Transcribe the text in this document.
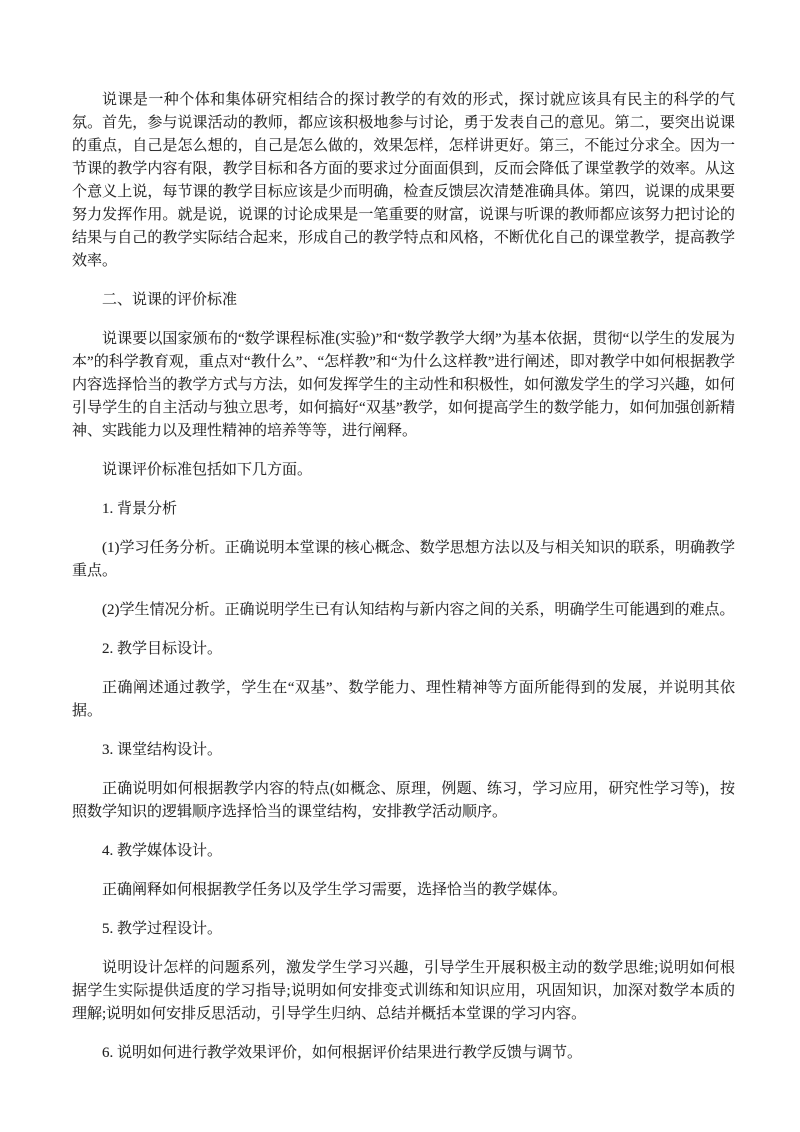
说课是一种个体和集体研究相结合的探讨教学的有效的形式，探讨就应该具有民主的科学的气氛。首先，参与说课活动的教师，都应该积极地参与讨论，勇于发表自己的意见。第二，要突出说课的重点，自己是怎么想的，自己是怎么做的，效果怎样，怎样讲更好。第三，不能过分求全。因为一节课的教学内容有限，教学目标和各方面的要求过分面面俱到，反而会降低了课堂教学的效率。从这个意义上说，每节课的教学目标应该是少而明确，检查反馈层次清楚准确具体。第四，说课的成果要努力发挥作用。就是说，说课的讨论成果是一笔重要的财富，说课与听课的教师都应该努力把讨论的结果与自己的教学实际结合起来，形成自己的教学特点和风格，不断优化自己的课堂教学，提高教学效率。

二、说课的评价标准

说课要以国家颁布的“数学课程标准(实验)”和“数学教学大纲”为基本依据，贯彻“以学生的发展为本”的科学教育观，重点对“教什么”、“怎样教”和“为什么这样教”进行阐述，即对教学中如何根据教学内容选择恰当的教学方式与方法，如何发挥学生的主动性和积极性，如何激发学生的学习兴趣，如何引导学生的自主活动与独立思考，如何搞好“双基”教学，如何提高学生的数学能力，如何加强创新精神、实践能力以及理性精神的培养等等，进行阐释。

说课评价标准包括如下几方面。

1. 背景分析

(1)学习任务分析。正确说明本堂课的核心概念、数学思想方法以及与相关知识的联系，明确教学重点。

(2)学生情况分析。正确说明学生已有认知结构与新内容之间的关系，明确学生可能遇到的难点。

2. 教学目标设计。

正确阐述通过教学，学生在“双基”、数学能力、理性精神等方面所能得到的发展，并说明其依据。

3. 课堂结构设计。

正确说明如何根据教学内容的特点(如概念、原理，例题、练习，学习应用，研究性学习等)，按照数学知识的逻辑顺序选择恰当的课堂结构，安排教学活动顺序。

4. 教学媒体设计。

正确阐释如何根据教学任务以及学生学习需要，选择恰当的教学媒体。

5. 教学过程设计。

说明设计怎样的问题系列，激发学生学习兴趣，引导学生开展积极主动的数学思维;说明如何根据学生实际提供适度的学习指导;说明如何安排变式训练和知识应用，巩固知识，加深对数学本质的理解;说明如何安排反思活动，引导学生归纳、总结并概括本堂课的学习内容。

6. 说明如何进行教学效果评价，如何根据评价结果进行教学反馈与调节。
